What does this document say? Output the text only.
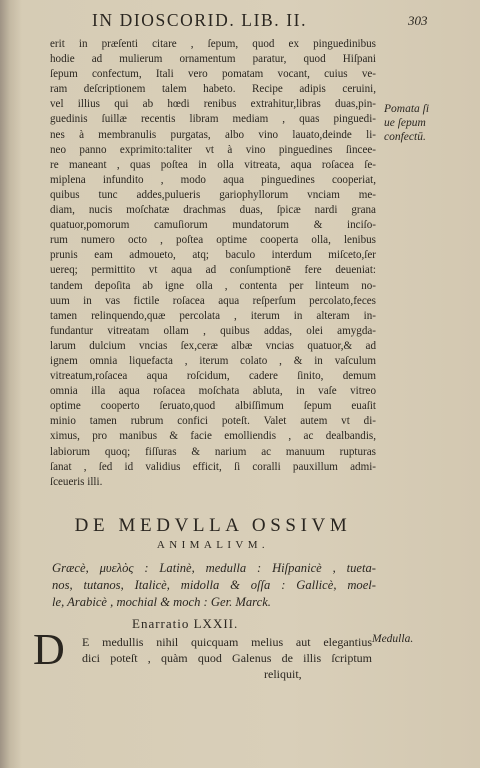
IN DIOSCORID. LIB. II.	303
erit in præſenti citare , ſepum, quod ex pinguedinibus
hodie ad mulierum ornamentum paratur, quod Hiſpani
ſepum confectum, Itali vero pomatam vocant, cuius ve-
ram deſcriptionem talem habeto. Recipe adipis ceruini,
vel illius qui ab hœdi renibus extrahitur,libras duas,pin-
guedinis ſuillæ recentis libram mediam , quas pinguedi-
nes à membranulis purgatas, albo vino lauato,deinde li-
neo panno exprimito:taliter vt à vino pinguedines ſincee-
re maneant , quas poſtea in olla vitreata, aqua roſacea ſe-
miplena infundito , modo aqua pinguedines cooperiat,
quibus tunc addes,pulueris gariophyllorum vnciam me-
diam, nucis moſchatæ drachmas duas, ſpicæ nardi grana
quatuor,pomorum camuſiorum mundatorum & inciſo-
rum numero octo , poſtea optime cooperta olla, lenibus
prunis eam admoueto, atq; baculo interdum miſceto,ſer
uereq; permittito vt aqua ad conſumptionē fere deueniat:
tandem depoſita ab igne olla , contenta per linteum no-
uum in vas fictile roſacea aqua reſperſum percolato,feces
tamen relinquendo,quæ percolata , iterum in alteram in-
fundantur vitreatam ollam , quibus addas, olei amygda-
larum dulcium vncias ſex,ceræ albæ vncias quatuor,& ad
ignem omnia liquefacta , iterum colato , & in vaſculum
vitreatum,roſacea aqua roſcidum, cadere ſinito, demum
omnia illa aqua roſacea moſchata abluta, in vaſe vitreo
optime cooperto ſeruato,quod albiſſimum ſepum euaſit
minio tamen rubrum confici poteſt. Valet autem vt di-
ximus, pro manibus & facie emolliendis , ac dealbandis,
labiorum quoq; fiſſuras & narium ac manuum rupturas
ſanat , ſed id validius efficit, ſi coralli pauxillum admi-
ſceueris illi.
Pomata ſi
ue ſepum
confectū.
DE MEDVLLA OSSIVM
ANIMALIVM.
Græcè, μυελὸς : Latinè, medulla : Hiſpanicè , tueta-
nos, tutanos, Italicè, midolla & oſſa : Gallicè, moel-
le, Arabicè , mochial & moch : Ger. Marck.
Enarratio LXXII.
D E medullis nihil quicquam melius aut elegantius
dici poteſt , quàm quod Galenus de illis ſcriptum
reliquit,
Medulla.
